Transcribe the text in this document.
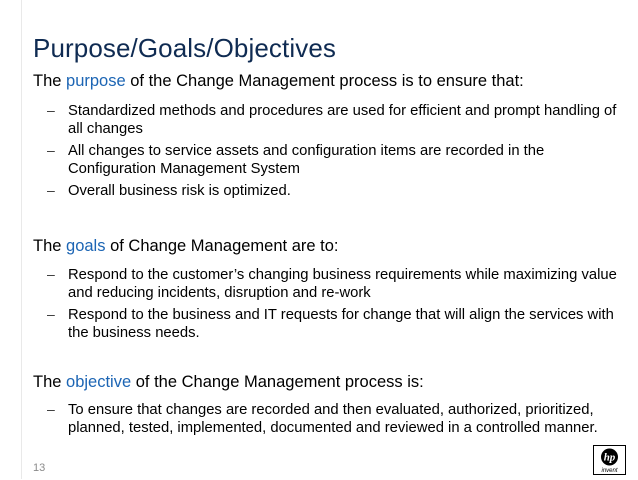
Purpose/Goals/Objectives
The purpose of the Change Management process is to ensure that:
– Standardized methods and procedures are used for efficient and prompt handling of all changes
– All changes to service assets and configuration items are recorded in the Configuration Management System
– Overall business risk is optimized.
The goals of Change Management are to:
– Respond to the customer’s changing business requirements while maximizing value and reducing incidents, disruption and re-work
– Respond to the business and IT requests for change that will align the services with the business needs.
The objective of the Change Management process is:
– To ensure that changes are recorded and then evaluated, authorized, prioritized, planned, tested, implemented, documented and reviewed in a controlled manner.
13
hp
invent
